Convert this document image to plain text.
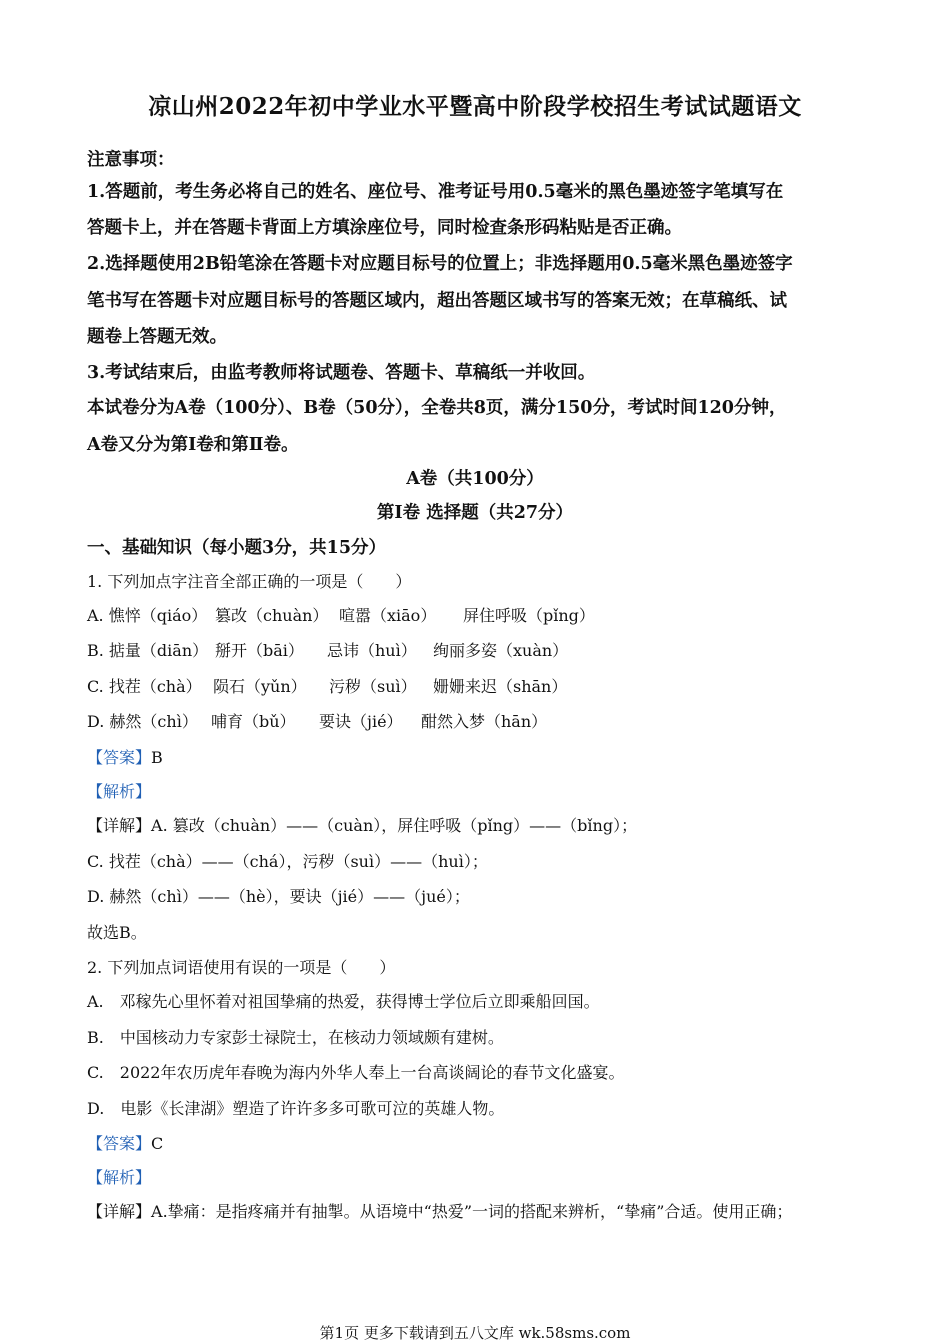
凉山州2022年初中学业水平暨高中阶段学校招生考试试题语文
注意事项：
1.答题前，考生务必将自己的姓名、座位号、准考证号用0.5毫米的黑色墨迹签字笔填写在
答题卡上，并在答题卡背面上方填涂座位号，同时检查条形码粘贴是否正确。
2.选择题使用2B铅笔涂在答题卡对应题目标号的位置上；非选择题用0.5毫米黑色墨迹签字
笔书写在答题卡对应题目标号的答题区域内，超出答题区域书写的答案无效；在草稿纸、试
题卷上答题无效。
3.考试结束后，由监考教师将试题卷、答题卡、草稿纸一并收回。
本试卷分为A卷（100分）、B卷（50分），全卷共8页，满分150分，考试时间120分钟，
A卷又分为第Ⅰ卷和第Ⅱ卷。
A卷（共100分）
第Ⅰ卷 选择题（共27分）
一、基础知识（每小题3分，共15分）
1. 下列加点字注音全部正确的一项是（　　）
A. 憔悴（qiáo） 篡改（chuàn） 喧嚣（xiāo）	屏住呼吸（pǐng）
B. 掂量（diān） 掰开（bāi）	忌讳（huì）	绚丽多姿（xuàn）
C. 找茬（chà） 陨石（yǔn）	污秽（suì）	姗姗来迟（shān）
D. 赫然（chì） 哺育（bǔ）	要诀（jié）	酣然入梦（hān）
【答案】B
【解析】
【详解】A. 篡改（chuàn）——（cuàn），屏住呼吸（pǐng）——（bǐng）；
C. 找茬（chà）——（chá），污秽（suì）——（huì）；
D. 赫然（chì）——（hè），要诀（jié）——（jué）；
故选B。
2. 下列加点词语使用有误的一项是（　　）
A.　邓稼先心里怀着对祖国挚痛的热爱，获得博士学位后立即乘船回国。
B.　中国核动力专家彭士禄院士，在核动力领域颇有建树。
C.　2022年农历虎年春晚为海内外华人奉上一台高谈阔论的春节文化盛宴。
D.　电影《长津湖》塑造了许许多多可歌可泣的英雄人物。
【答案】C
【解析】
【详解】A.挚痛：是指疼痛并有抽掣。从语境中“热爱”一词的搭配来辨析，“挚痛”合适。使用正确；
第1页 更多下载请到五八文库 wk.58sms.com
